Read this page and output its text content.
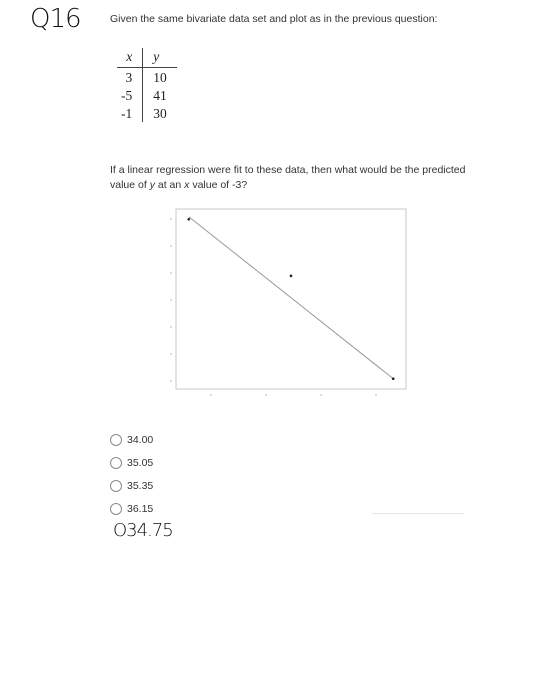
Q16	Given the same bivariate data set and plot as in the previous question:
x	y
3	10
-5	41
-1	30
If a linear regression were fit to these data, then what would be the predicted value of y at an x value of -3?
34.00
35.05
35.35
36.15
O34.75
